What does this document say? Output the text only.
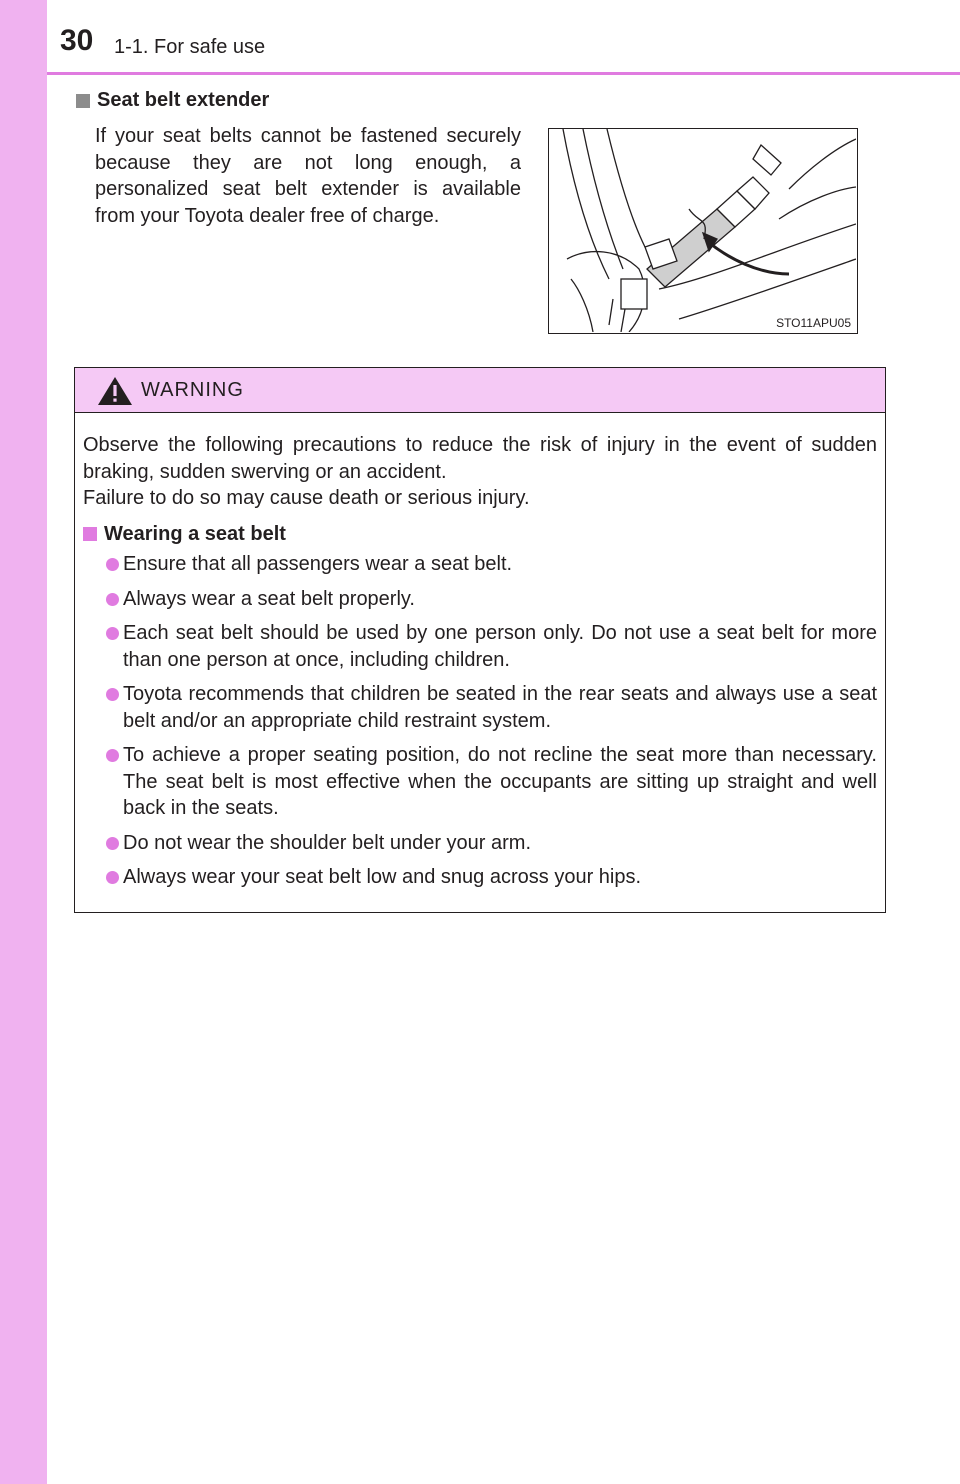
30 1-1. For safe use
Seat belt extender
If your seat belts cannot be fastened securely because they are not long enough, a personalized seat belt extender is available from your Toyota dealer free of charge.
STO11APU05
WARNING
Observe the following precautions to reduce the risk of injury in the event of sudden braking, sudden swerving or an accident.
Failure to do so may cause death or serious injury.
Wearing a seat belt
Ensure that all passengers wear a seat belt.
Always wear a seat belt properly.
Each seat belt should be used by one person only. Do not use a seat belt for more than one person at once, including children.
Toyota recommends that children be seated in the rear seats and always use a seat belt and/or an appropriate child restraint system.
To achieve a proper seating position, do not recline the seat more than necessary. The seat belt is most effective when the occupants are sitting up straight and well back in the seats.
Do not wear the shoulder belt under your arm.
Always wear your seat belt low and snug across your hips.
